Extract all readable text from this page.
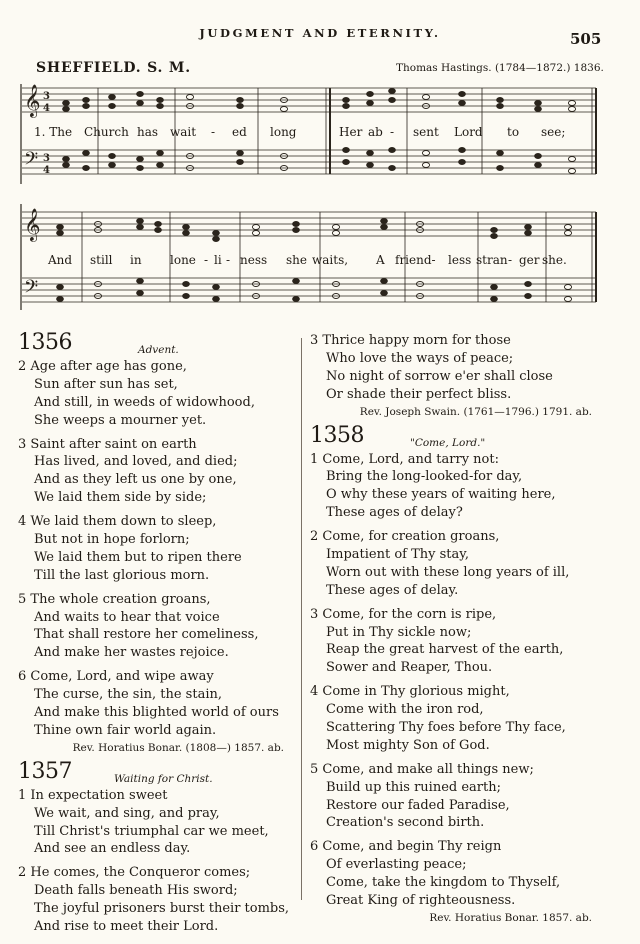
JUDGMENT AND ETERNITY.	505
SHEFFIELD. S. M.	Thomas Hastings. (1784—1872.) 1836.
𝄞
𝄢
3
4
3
4
1. The Church has wait - ed long	Her ab - sent Lord to see;
𝄞
𝄢
And still in lone - li - ness she waits, A friend- less stran - ger she.
1356	Advent.
2 Age after age has gone,
Sun after sun has set,
And still, in weeds of widowhood,
She weeps a mourner yet.
3 Saint after saint on earth
Has lived, and loved, and died;
And as they left us one by one,
We laid them side by side;
4 We laid them down to sleep,
But not in hope forlorn;
We laid them but to ripen there
Till the last glorious morn.
5 The whole creation groans,
And waits to hear that voice
That shall restore her comeliness,
And make her wastes rejoice.
6 Come, Lord, and wipe away
The curse, the sin, the stain,
And make this blighted world of ours
Thine own fair world again.
Rev. Horatius Bonar. (1808—) 1857. ab.
1357	Waiting for Christ.
1 In expectation sweet
We wait, and sing, and pray,
Till Christ's triumphal car we meet,
And see an endless day.
2 He comes, the Conqueror comes;
Death falls beneath His sword;
The joyful prisoners burst their tombs,
And rise to meet their Lord.
3 Thrice happy morn for those
Who love the ways of peace;
No night of sorrow e'er shall close
Or shade their perfect bliss.
Rev. Joseph Swain. (1761—1796.) 1791. ab.
1358	"Come, Lord."
1 Come, Lord, and tarry not:
Bring the long-looked-for day,
O why these years of waiting here,
These ages of delay?
2 Come, for creation groans,
Impatient of Thy stay,
Worn out with these long years of ill,
These ages of delay.
3 Come, for the corn is ripe,
Put in Thy sickle now;
Reap the great harvest of the earth,
Sower and Reaper, Thou.
4 Come in Thy glorious might,
Come with the iron rod,
Scattering Thy foes before Thy face,
Most mighty Son of God.
5 Come, and make all things new;
Build up this ruined earth;
Restore our faded Paradise,
Creation's second birth.
6 Come, and begin Thy reign
Of everlasting peace;
Come, take the kingdom to Thyself,
Great King of righteousness.
Rev. Horatius Bonar. 1857. ab.
